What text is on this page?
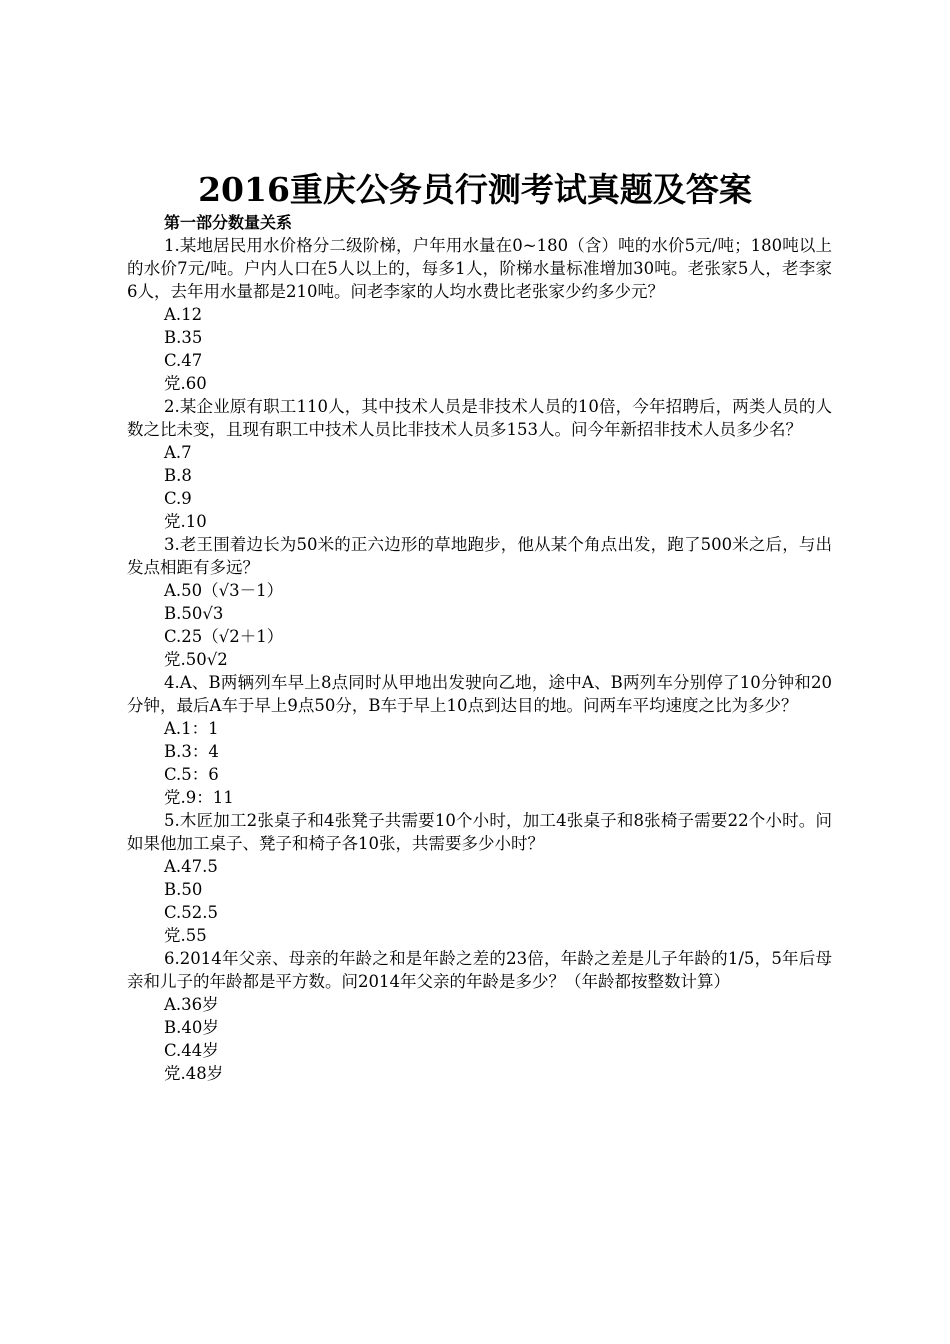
2016重庆公务员行测考试真题及答案
第一部分数量关系

1.某地居民用水价格分二级阶梯，户年用水量在0~180（含）吨的水价5元/吨；180吨以上的水价7元/吨。户内人口在5人以上的，每多1人，阶梯水量标准增加30吨。老张家5人，老李家6人，去年用水量都是210吨。问老李家的人均水费比老张家少约多少元？

A.12
B.35
C.47
党.60

2.某企业原有职工110人，其中技术人员是非技术人员的10倍，今年招聘后，两类人员的人数之比未变，且现有职工中技术人员比非技术人员多153人。问今年新招非技术人员多少名？

A.7
B.8
C.9
党.10

3.老王围着边长为50米的正六边形的草地跑步，他从某个角点出发，跑了500米之后，与出发点相距有多远？

A.50（√3－1）
B.50√3
C.25（√2＋1）
党.50√2

4.A、B两辆列车早上8点同时从甲地出发驶向乙地，途中A、B两列车分别停了10分钟和20分钟，最后A车于早上9点50分，B车于早上10点到达目的地。问两车平均速度之比为多少？

A.1：1
B.3：4
C.5：6
党.9：11

5.木匠加工2张桌子和4张凳子共需要10个小时，加工4张桌子和8张椅子需要22个小时。问如果他加工桌子、凳子和椅子各10张，共需要多少小时？

A.47.5
B.50
C.52.5
党.55

6.2014年父亲、母亲的年龄之和是年龄之差的23倍，年龄之差是儿子年龄的1/5，5年后母亲和儿子的年龄都是平方数。问2014年父亲的年龄是多少？（年龄都按整数计算）

A.36岁
B.40岁
C.44岁
党.48岁
